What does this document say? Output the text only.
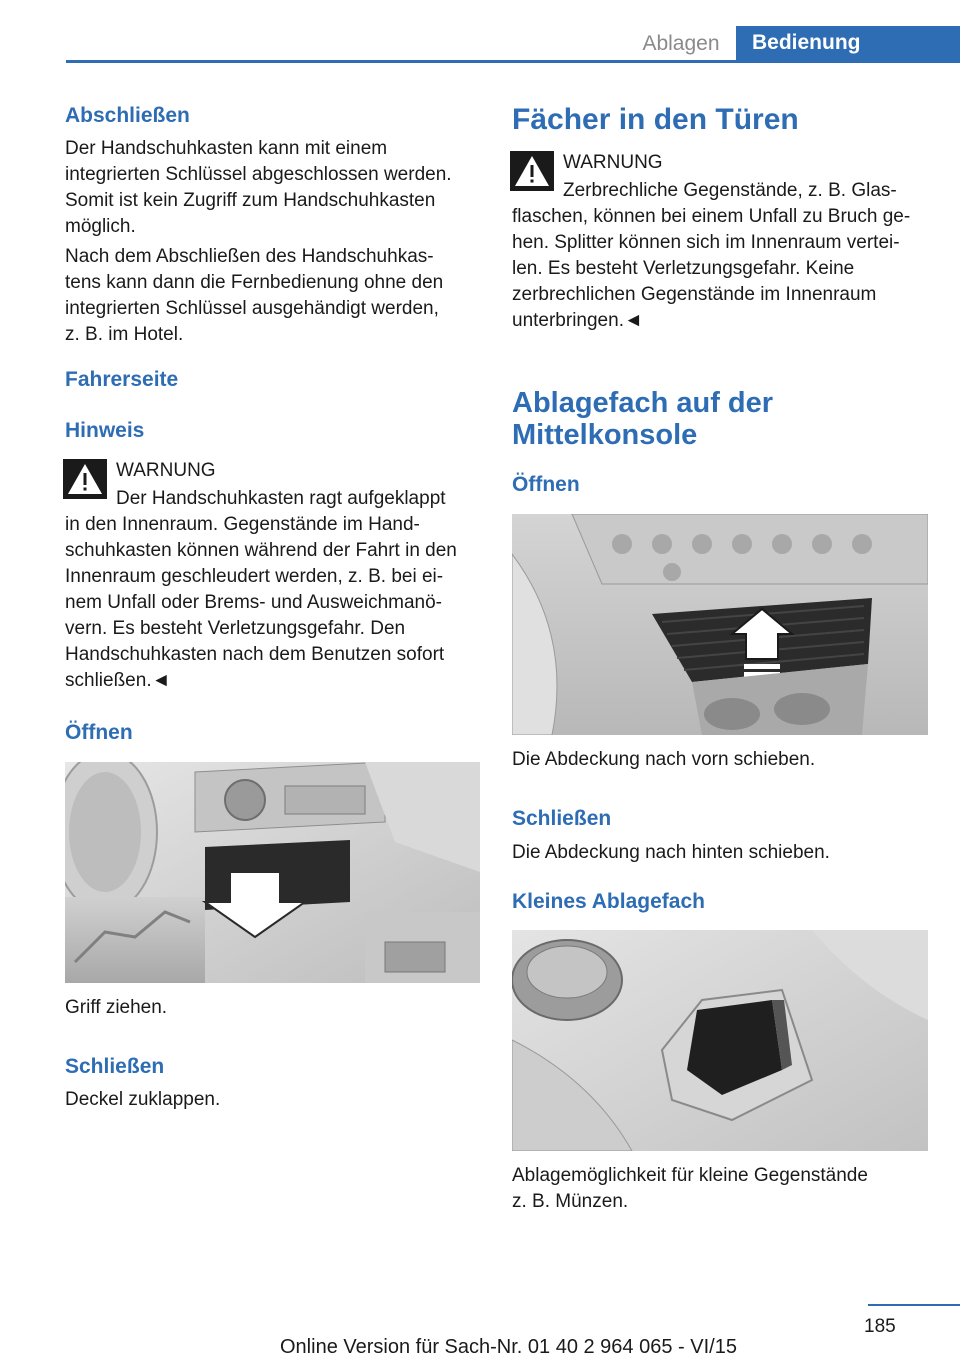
Ablagen	Bedienung
Abschließen
Der Handschuhkasten kann mit einem
integrierten Schlüssel abgeschlossen werden.
Somit ist kein Zugriff zum Handschuhkasten
möglich.
Nach dem Abschließen des Handschuhkas‐
tens kann dann die Fernbedienung ohne den
integrierten Schlüssel ausgehändigt werden,
z. B. im Hotel.
Fahrerseite
Hinweis
WARNUNG
Der Handschuhkasten ragt aufgeklappt
in den Innenraum. Gegenstände im Hand‐
schuhkasten können während der Fahrt in den
Innenraum geschleudert werden, z. B. bei ei‐
nem Unfall oder Brems- und Ausweichmanö‐
vern. Es besteht Verletzungsgefahr. Den
Handschuhkasten nach dem Benutzen sofort
schließen.◄
Öffnen
Griff ziehen.
Schließen
Deckel zuklappen.
Fächer in den Türen
WARNUNG
Zerbrechliche Gegenstände, z. B. Glas‐
flaschen, können bei einem Unfall zu Bruch ge‐
hen. Splitter können sich im Innenraum vertei‐
len. Es besteht Verletzungsgefahr. Keine
zerbrechlichen Gegenstände im Innenraum
unterbringen.◄
Ablagefach auf der
Mittelkonsole
Öffnen
Die Abdeckung nach vorn schieben.
Schließen
Die Abdeckung nach hinten schieben.
Kleines Ablagefach
Ablagemöglichkeit für kleine Gegenstände
z. B. Münzen.
185
Online Version für Sach-Nr. 01 40 2 964 065 - VI/15
